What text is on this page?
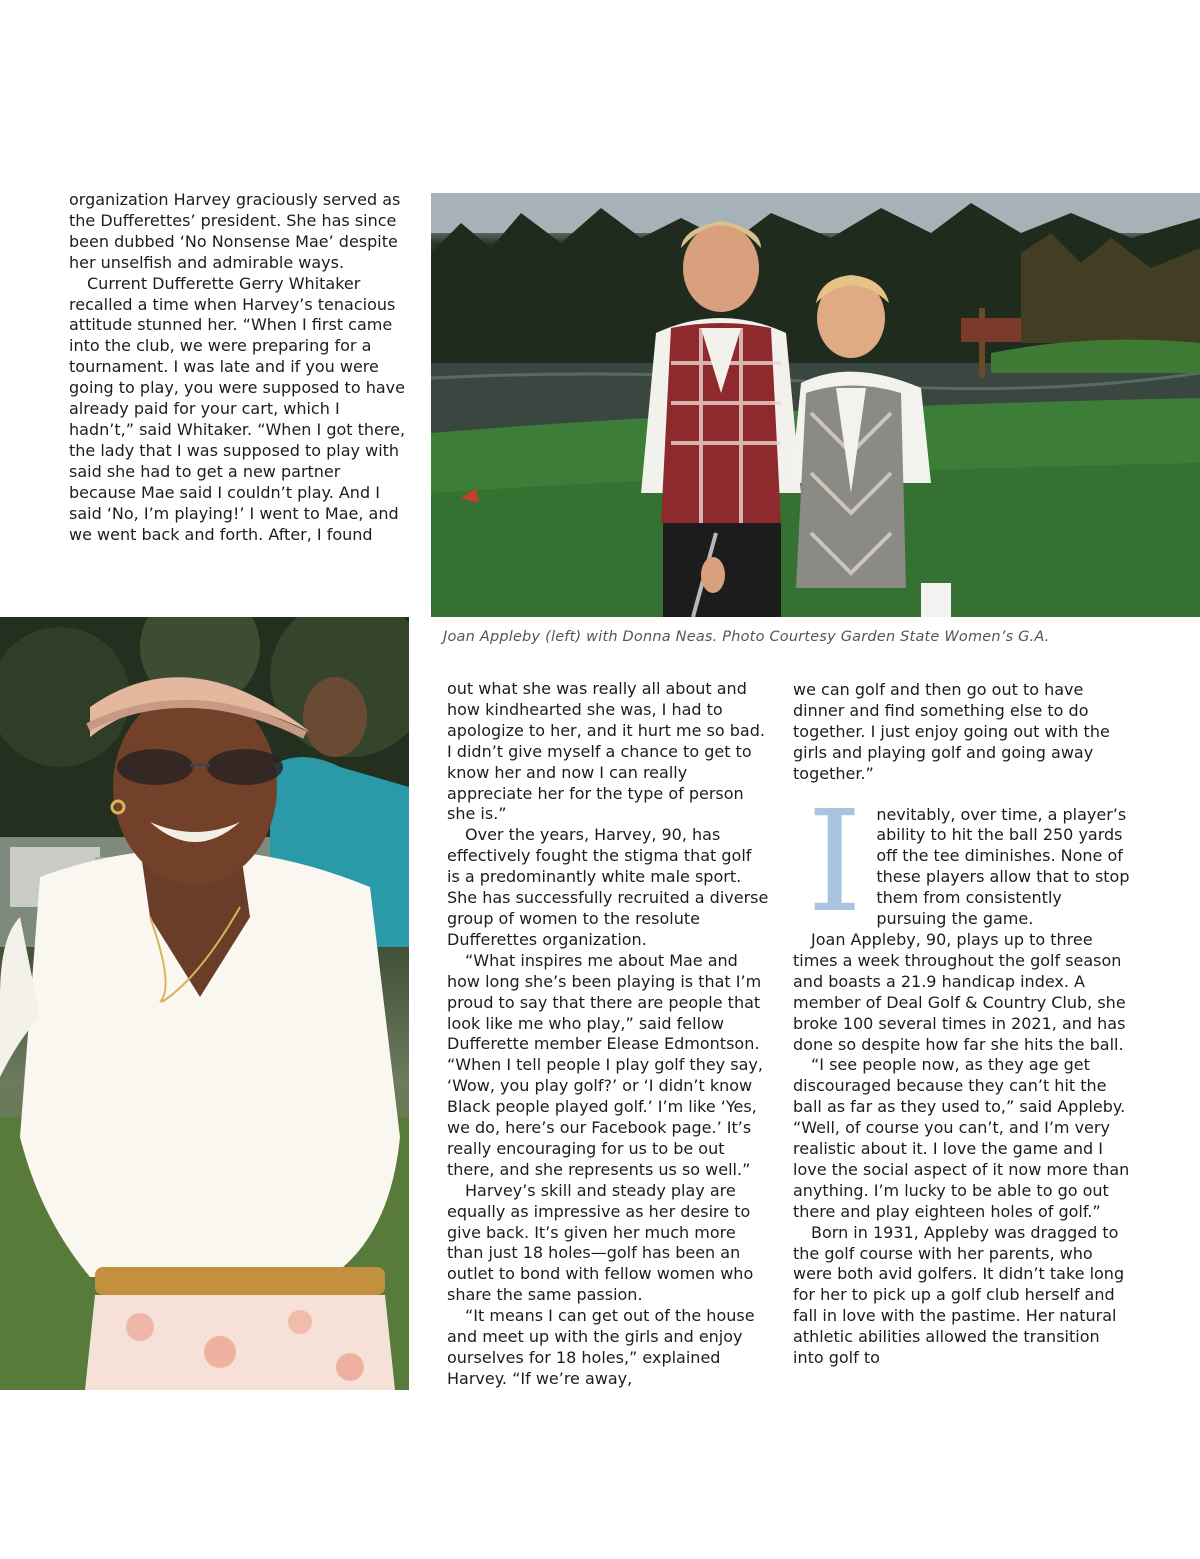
organization Harvey graciously served as the Dufferettes’ president. She has since been dubbed ‘No Nonsense Mae’ despite her unselfish and admirable ways.

Current Dufferette Gerry Whitaker recalled a time when Harvey’s tenacious attitude stunned her. “When I first came into the club, we were preparing for a tournament. I was late and if you were going to play, you were supposed to have already paid for your cart, which I hadn’t,” said Whitaker. “When I got there, the lady that I was supposed to play with said she had to get a new partner because Mae said I couldn’t play. And I said ‘No, I’m playing!’ I went to Mae, and we went back and forth. After, I found

Joan Appleby (left) with Donna Neas. Photo Courtesy Garden State Women’s G.A.

out what she was really all about and how kindhearted she was, I had to apologize to her, and it hurt me so bad. I didn’t give myself a chance to get to know her and now I can really appreciate her for the type of person she is.”

Over the years, Harvey, 90, has effectively fought the stigma that golf is a predominantly white male sport. She has successfully recruited a diverse group of women to the resolute Dufferettes organization.

“What inspires me about Mae and how long she’s been playing is that I’m proud to say that there are people that look like me who play,” said fellow Dufferette member Elease Edmontson. “When I tell people I play golf they say, ‘Wow, you play golf?’ or ‘I didn’t know Black people played golf.’ I’m like ‘Yes, we do, here’s our Facebook page.’ It’s really encouraging for us to be out there, and she represents us so well.”

Harvey’s skill and steady play are equally as impressive as her desire to give back. It’s given her much more than just 18 holes—golf has been an outlet to bond with fellow women who share the same passion.

“It means I can get out of the house and meet up with the girls and enjoy ourselves for 18 holes,” explained Harvey. “If we’re away,

we can golf and then go out to have dinner and find something else to do together. I just enjoy going out with the girls and playing golf and going away together.”

Inevitably, over time, a player’s ability to hit the ball 250 yards off the tee diminishes. None of these players allow that to stop them from consistently pursuing the game.

Joan Appleby, 90, plays up to three times a week throughout the golf season and boasts a 21.9 handicap index. A member of Deal Golf & Country Club, she broke 100 several times in 2021, and has done so despite how far she hits the ball.

“I see people now, as they age get discouraged because they can’t hit the ball as far as they used to,” said Appleby. “Well, of course you can’t, and I’m very realistic about it. I love the game and I love the social aspect of it now more than anything. I’m lucky to be able to go out there and play eighteen holes of golf.”

Born in 1931, Appleby was dragged to the golf course with her parents, who were both avid golfers. It didn’t take long for her to pick up a golf club herself and fall in love with the pastime. Her natural athletic abilities allowed the transition into golf to
